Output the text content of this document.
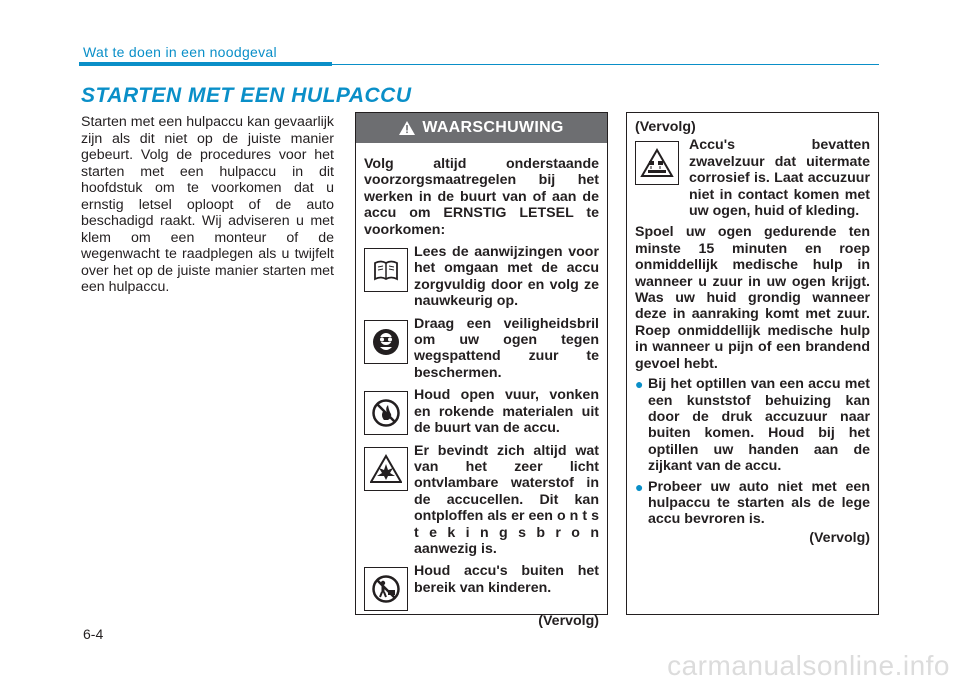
Wat te doen in een noodgeval
STARTEN MET EEN HULPACCU
Starten met een hulpaccu kan gevaarlijk zijn als dit niet op de juiste manier gebeurt. Volg de procedures voor het starten met een hulpaccu in dit hoofdstuk om te voorkomen dat u ernstig letsel oploopt of de auto beschadigd raakt. Wij adviseren u met klem om een monteur of de wegenwacht te raadplegen als u twijfelt over het op de juiste manier starten met een hulpaccu.
WAARSCHUWING
Volg altijd onderstaande voorzorgsmaatregelen bij het werken in de buurt van of aan de accu om ERNSTIG LETSEL te voorkomen:
Lees de aanwijzingen voor het omgaan met de accu zorgvuldig door en volg ze nauwkeurig op.
Draag een veiligheidsbril om uw ogen tegen wegspattend zuur te beschermen.
Houd open vuur, vonken en rokende materialen uit de buurt van de accu.
Er bevindt zich altijd wat van het zeer licht ontvlambare waterstof in de accucellen. Dit kan ontploffen als er een o n t s t e k i n g s b r o n aanwezig is.
Houd accu's buiten het bereik van kinderen.
(Vervolg)
(Vervolg)
Accu's bevatten zwavelzuur dat uitermate corrosief is. Laat accuzuur niet in contact komen met uw ogen, huid of kleding.
Spoel uw ogen gedurende ten minste 15 minuten en roep onmiddellijk medische hulp in wanneer u zuur in uw ogen krijgt. Was uw huid grondig wanneer deze in aanraking komt met zuur. Roep onmiddellijk medische hulp in wanneer u pijn of een brandend gevoel hebt.
● Bij het optillen van een accu met een kunststof behuizing kan door de druk accuzuur naar buiten komen. Houd bij het optillen uw handen aan de zijkant van de accu.
● Probeer uw auto niet met een hulpaccu te starten als de lege accu bevroren is.
(Vervolg)
6-4
carmanualsonline.info
